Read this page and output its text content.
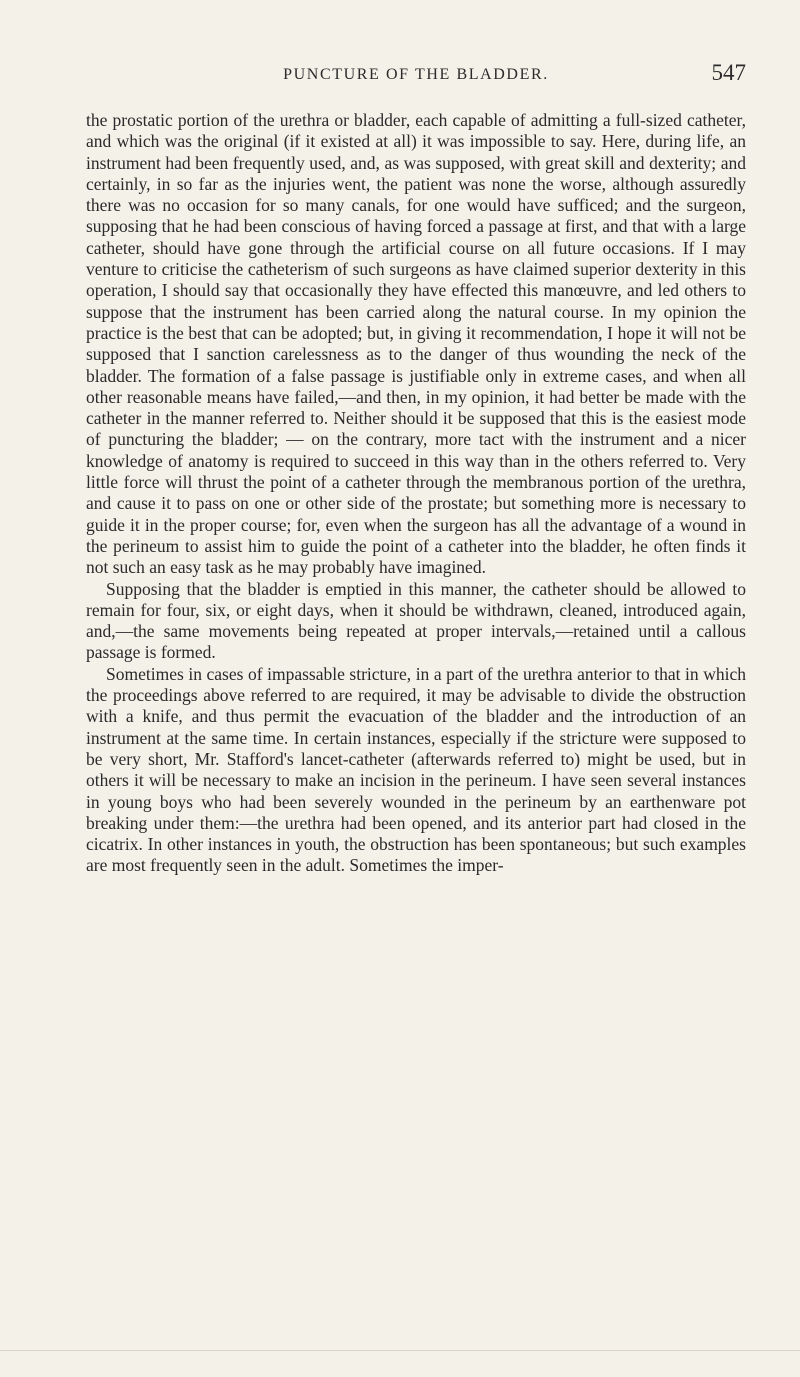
PUNCTURE OF THE BLADDER.	547

the prostatic portion of the urethra or bladder, each capable of admitting a full-sized catheter, and which was the original (if it existed at all) it was impossible to say. Here, during life, an instrument had been frequently used, and, as was supposed, with great skill and dexterity; and certainly, in so far as the injuries went, the patient was none the worse, although assuredly there was no occasion for so many canals, for one would have sufficed; and the surgeon, supposing that he had been conscious of having forced a passage at first, and that with a large catheter, should have gone through the artificial course on all future occasions. If I may venture to criticise the catheterism of such surgeons as have claimed superior dexterity in this operation, I should say that occasionally they have effected this manœuvre, and led others to suppose that the instrument has been carried along the natural course. In my opinion the practice is the best that can be adopted; but, in giving it recommendation, I hope it will not be supposed that I sanction carelessness as to the danger of thus wounding the neck of the bladder. The formation of a false passage is justifiable only in extreme cases, and when all other reasonable means have failed,—and then, in my opinion, it had better be made with the catheter in the manner referred to. Neither should it be supposed that this is the easiest mode of puncturing the bladder; — on the contrary, more tact with the instrument and a nicer knowledge of anatomy is required to succeed in this way than in the others referred to. Very little force will thrust the point of a catheter through the membranous portion of the urethra, and cause it to pass on one or other side of the prostate; but something more is necessary to guide it in the proper course; for, even when the surgeon has all the advantage of a wound in the perineum to assist him to guide the point of a catheter into the bladder, he often finds it not such an easy task as he may probably have imagined.

Supposing that the bladder is emptied in this manner, the catheter should be allowed to remain for four, six, or eight days, when it should be withdrawn, cleaned, introduced again, and,—the same movements being repeated at proper intervals,—retained until a callous passage is formed.

Sometimes in cases of impassable stricture, in a part of the urethra anterior to that in which the proceedings above referred to are required, it may be advisable to divide the obstruction with a knife, and thus permit the evacuation of the bladder and the introduction of an instrument at the same time. In certain instances, especially if the stricture were supposed to be very short, Mr. Stafford's lancet-catheter (afterwards referred to) might be used, but in others it will be necessary to make an incision in the perineum. I have seen several instances in young boys who had been severely wounded in the perineum by an earthenware pot breaking under them:—the urethra had been opened, and its anterior part had closed in the cicatrix. In other instances in youth, the obstruction has been spontaneous; but such examples are most frequently seen in the adult. Sometimes the imper-
